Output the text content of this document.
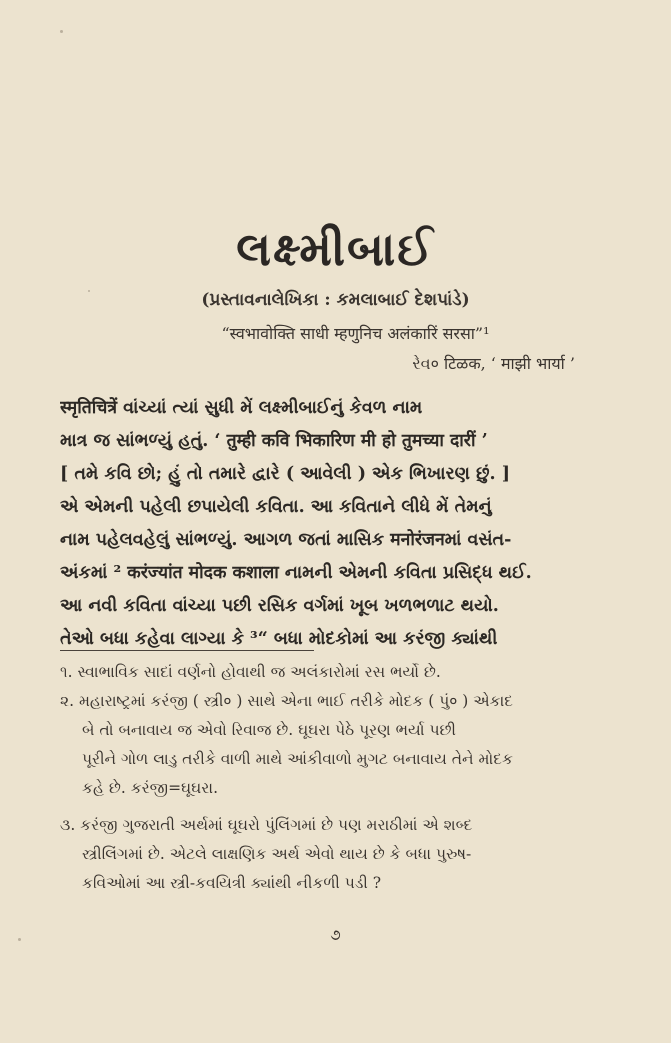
લક્ષ્મીબાઈ
(પ્રસ્તાવનાલેખિકા : કમલાબાઈ દેશપાંડે)
“स्वभावोक्ति साधी म्हणुनिच अलंकारिं सरसा”¹
રેવ० टिळक, ‘ माझी भार्या ’
स्मृतिचित्रें વાંચ્યાં ત્યાં સુધી મેં લક્ષ્મીબાઈનું કેવળ નામ
માત્ર જ સાંભળ્યું હતું. ‘ तुम्ही कवि भिकारिण मी हो तुमच्या दारीं ’
[ તમે કવિ છો; હું તો તમારે દ્વારે ( આવેલી ) એક ભિખારણ છું. ]
એ એમની પહેલી છપાયેલી કવિતા. આ કવિતાને લીધે મેં તેમનું
નામ પહેલવહેલું સાંભળ્યું. આગળ જતાં માસિક मनोरंजनમાં વસંત-
અંકમાં ² करंज्यांत मोदक कशाला નામની એમની કવિતા પ્રસિદ્ધ થઈ.
આ નવી કવિતા વાંચ્યા પછી રસિક વર્ગમાં ખૂબ ખળભળાટ થયો.
તેઓ બધા કહેવા લાગ્યા કે ³“ બધા મોદકોમાં આ કરંજી ક્યાંથી
૧. સ્વાભાવિક સાદાં વર્ણનો હોવાથી જ અલંકારોમાં રસ ભર્યો છે.
૨. મહારાષ્ટ્રમાં કરંજી ( સ્ત્રી० ) સાથે એના ભાઈ તરીકે મોદક ( પું० ) એકાદ
બે તો બનાવાય જ એવો રિવાજ છે. ઘૂઘરા પેઠે પૂરણ ભર્યા પછી
પૂરીને ગોળ લાડુ તરીકે વાળી માથે આંકીવાળો મુગટ બનાવાય તેને મોદક
કહે છે. કરંજી=ઘૂઘરા.
૩. કરંજી ગુજરાતી અર્થમાં ઘૂઘરો પુંલિંગમાં છે પણ મરાઠીમાં એ શબ્દ
સ્ત્રીલિંગમાં છે. એટલે લાક્ષણિક અર્થ એવો થાય છે કે બધા પુરુષ-
કવિઓમાં આ સ્ત્રી-કવયિત્રી ક્યાંથી નીકળી પડી ?
૭
